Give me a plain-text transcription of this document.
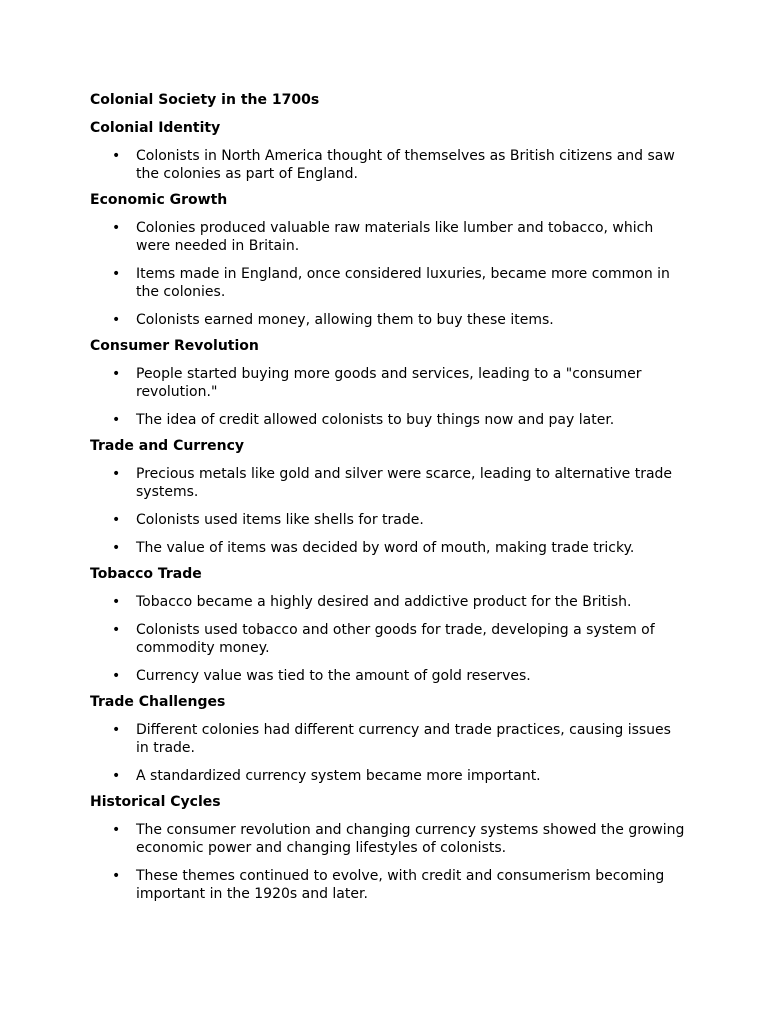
Colonial Society in the 1700s
Colonial Identity
• Colonists in North America thought of themselves as British citizens and saw the colonies as part of England.
Economic Growth
• Colonies produced valuable raw materials like lumber and tobacco, which were needed in Britain.
• Items made in England, once considered luxuries, became more common in the colonies.
• Colonists earned money, allowing them to buy these items.
Consumer Revolution
• People started buying more goods and services, leading to a "consumer revolution."
• The idea of credit allowed colonists to buy things now and pay later.
Trade and Currency
• Precious metals like gold and silver were scarce, leading to alternative trade systems.
• Colonists used items like shells for trade.
• The value of items was decided by word of mouth, making trade tricky.
Tobacco Trade
• Tobacco became a highly desired and addictive product for the British.
• Colonists used tobacco and other goods for trade, developing a system of commodity money.
• Currency value was tied to the amount of gold reserves.
Trade Challenges
• Different colonies had different currency and trade practices, causing issues in trade.
• A standardized currency system became more important.
Historical Cycles
• The consumer revolution and changing currency systems showed the growing economic power and changing lifestyles of colonists.
• These themes continued to evolve, with credit and consumerism becoming important in the 1920s and later.
